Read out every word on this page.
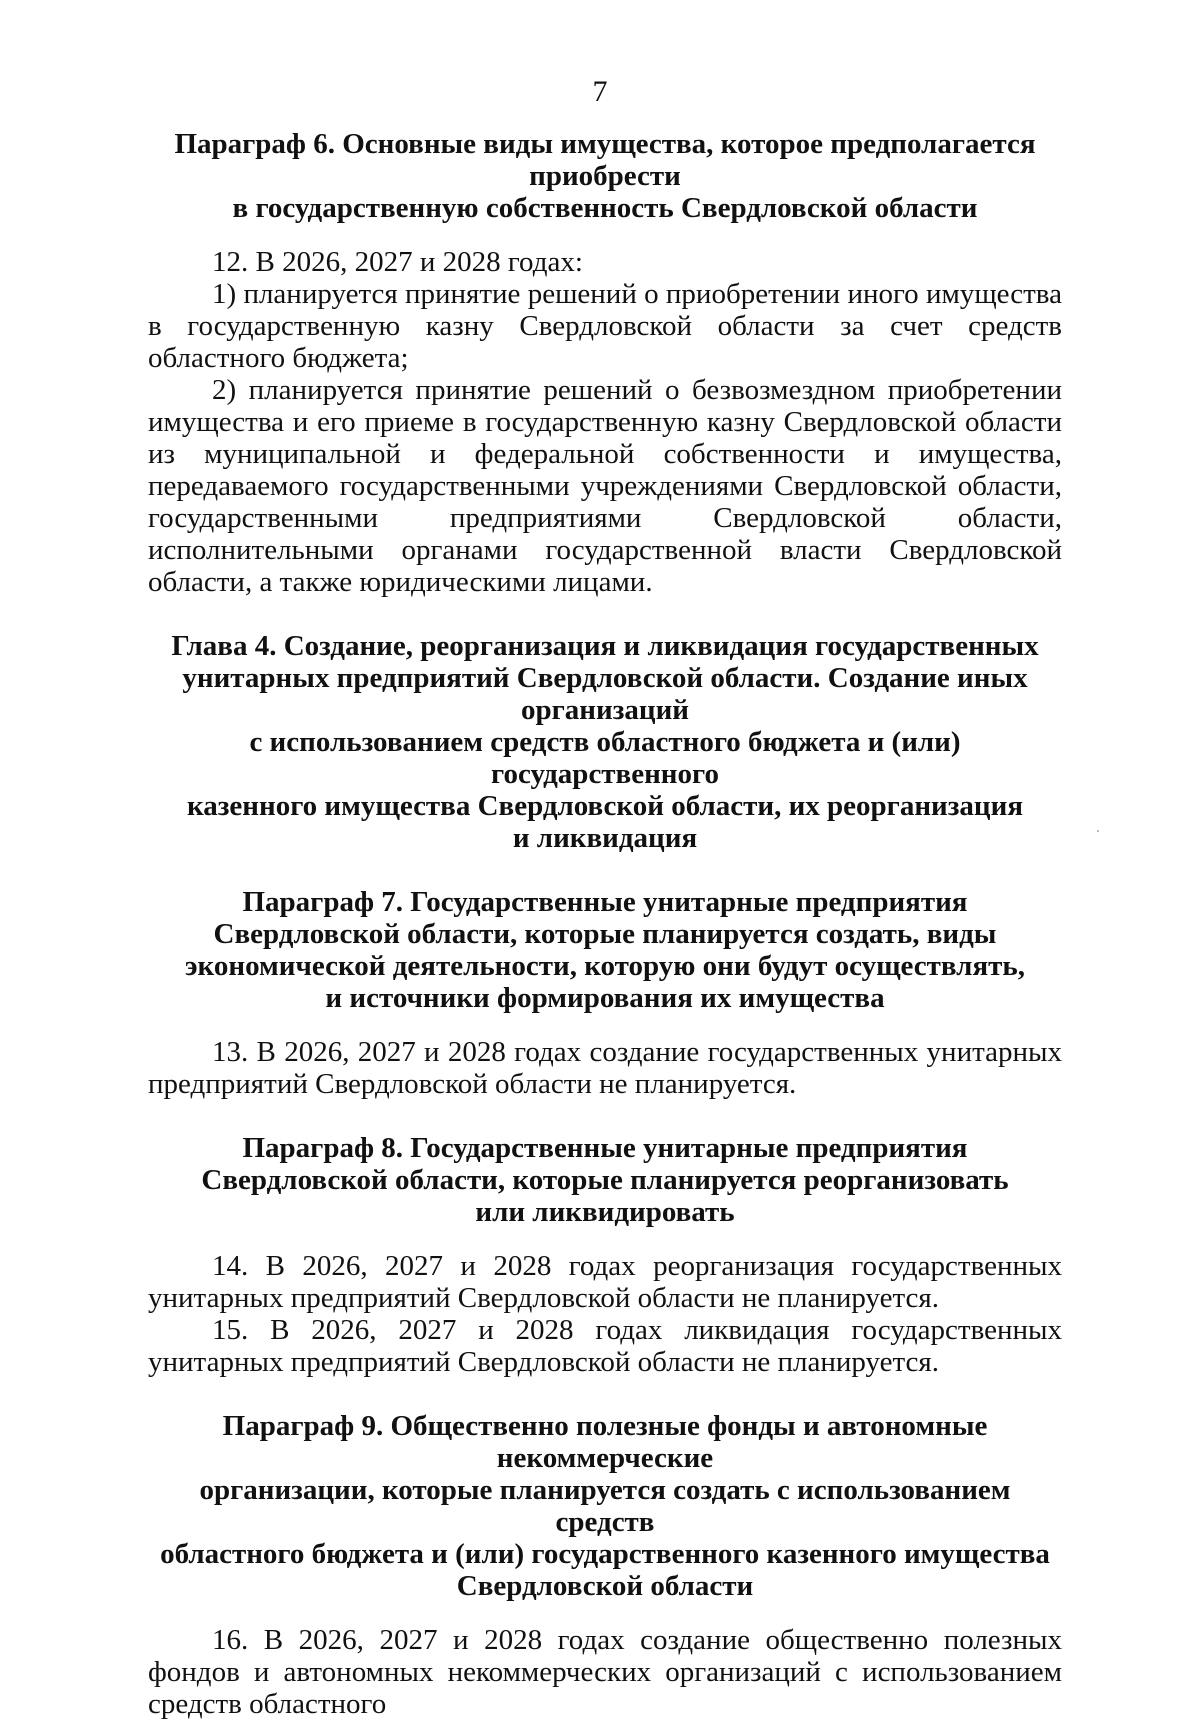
7
Параграф 6. Основные виды имущества, которое предполагается приобрести
в государственную собственность Свердловской области

12. В 2026, 2027 и 2028 годах:

1) планируется принятие решений о приобретении иного имущества в государственную казну Свердловской области за счет средств областного бюджета;

2) планируется принятие решений о безвозмездном приобретении имущества и его приеме в государственную казну Свердловской области из муниципальной и федеральной собственности и имущества, передаваемого государственными учреждениями Свердловской области, государственными предприятиями Свердловской области, исполнительными органами государственной власти Свердловской области, а также юридическими лицами.

Глава 4. Создание, реорганизация и ликвидация государственных
унитарных предприятий Свердловской области. Создание иных организаций
с использованием средств областного бюджета и (или) государственного
казенного имущества Свердловской области, их реорганизация
и ликвидация
Параграф 7. Государственные унитарные предприятия
Свердловской области, которые планируется создать, виды
экономической деятельности, которую они будут осуществлять,
и источники формирования их имущества

13. В 2026, 2027 и 2028 годах создание государственных унитарных предприятий Свердловской области не планируется.

Параграф 8. Государственные унитарные предприятия
Свердловской области, которые планируется реорганизовать
или ликвидировать

14. В 2026, 2027 и 2028 годах реорганизация государственных унитарных предприятий Свердловской области не планируется.

15. В 2026, 2027 и 2028 годах ликвидация государственных унитарных предприятий Свердловской области не планируется.

Параграф 9. Общественно полезные фонды и автономные некоммерческие
организации, которые планируется создать с использованием средств
областного бюджета и (или) государственного казенного имущества
Свердловской области

16. В 2026, 2027 и 2028 годах создание общественно полезных фондов и автономных некоммерческих организаций с использованием средств областного
